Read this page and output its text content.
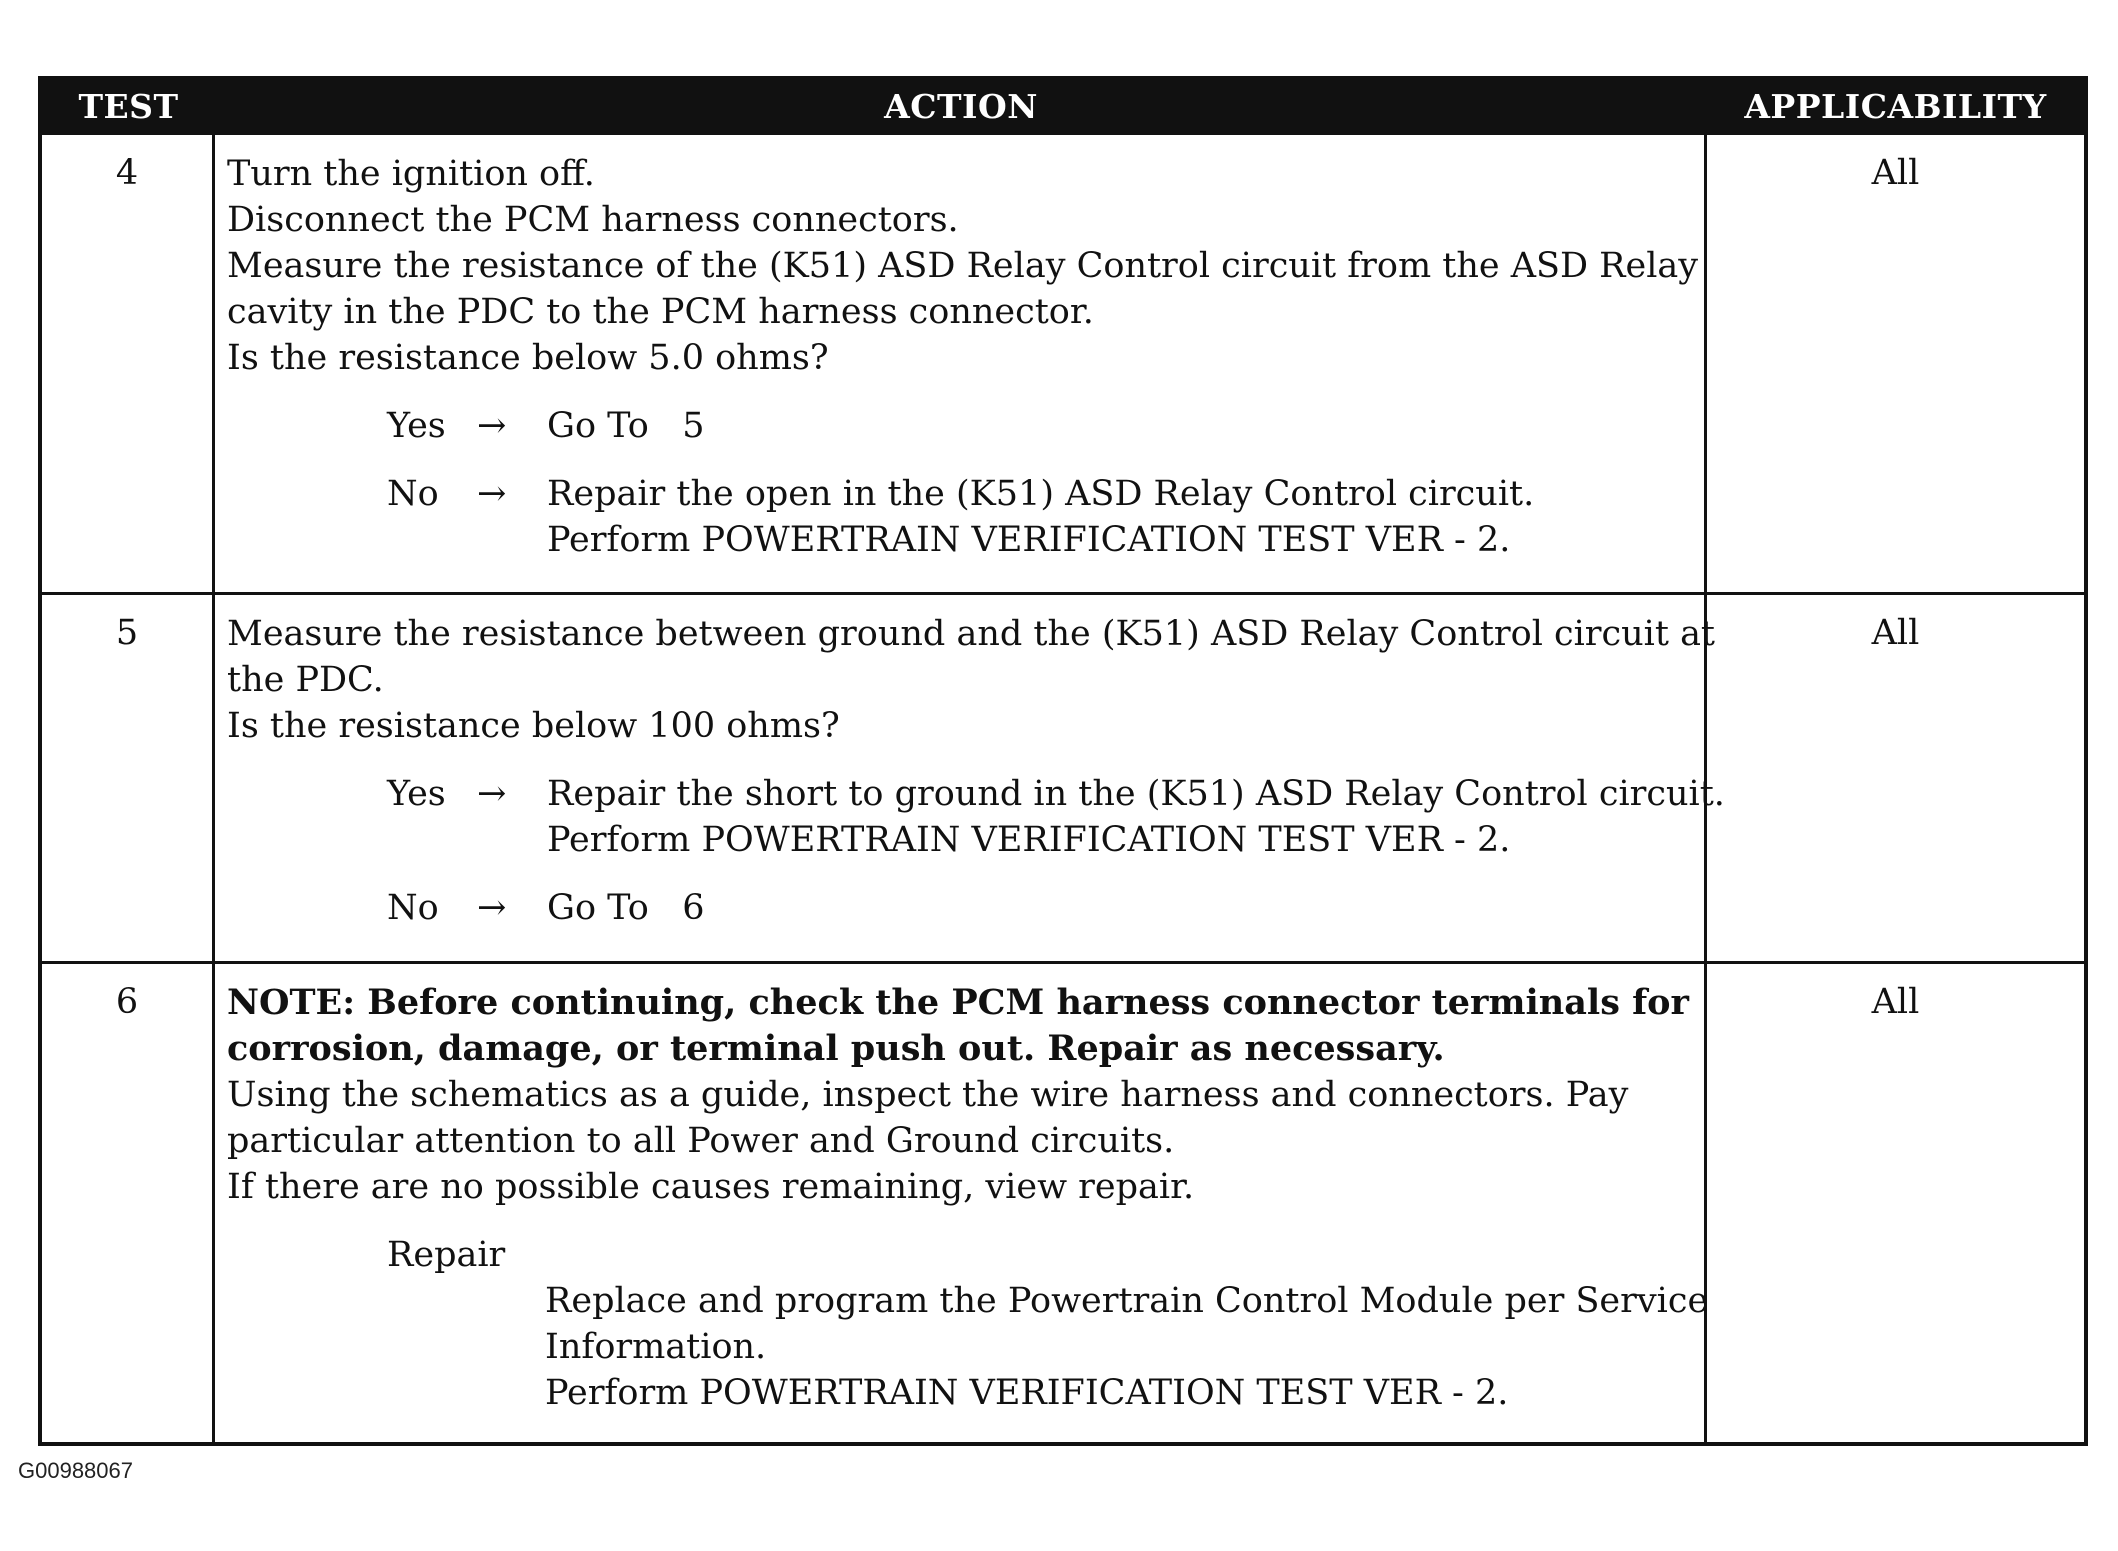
TEST	ACTION	APPLICABILITY
4	Turn the ignition off.
Disconnect the PCM harness connectors.
Measure the resistance of the (K51) ASD Relay Control circuit from the ASD Relay
cavity in the PDC to the PCM harness connector.
Is the resistance below 5.0 ohms?
Yes →	Go To   5
No	→	Repair the open in the (K51) ASD Relay Control circuit.
Perform POWERTRAIN VERIFICATION TEST VER - 2.
All
5	Measure the resistance between ground and the (K51) ASD Relay Control circuit at
the PDC.
Is the resistance below 100 ohms?
Yes →	Repair the short to ground in the (K51) ASD Relay Control circuit.
Perform POWERTRAIN VERIFICATION TEST VER - 2.
No	→	Go To   6
All
6	NOTE: Before continuing, check the PCM harness connector terminals for
corrosion, damage, or terminal push out. Repair as necessary.
Using the schematics as a guide, inspect the wire harness and connectors. Pay
particular attention to all Power and Ground circuits.
If there are no possible causes remaining, view repair.
Repair
Replace and program the Powertrain Control Module per Service
Information.
Perform POWERTRAIN VERIFICATION TEST VER - 2.
All
G00988067
